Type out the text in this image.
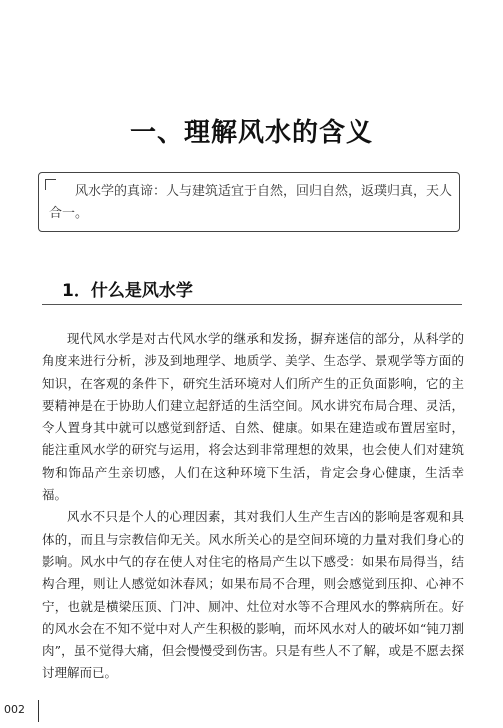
一、理解风水的含义
风水学的真谛：人与建筑适宜于自然，回归自然，返璞归真，天人合一。
1．什么是风水学

现代风水学是对古代风水学的继承和发扬，摒弃迷信的部分，从科学的角度来进行分析，涉及到地理学、地质学、美学、生态学、景观学等方面的知识，在客观的条件下，研究生活环境对人们所产生的正负面影响，它的主要精神是在于协助人们建立起舒适的生活空间。风水讲究布局合理、灵活，令人置身其中就可以感觉到舒适、自然、健康。如果在建造或布置居室时，能注重风水学的研究与运用，将会达到非常理想的效果，也会使人们对建筑物和饰品产生亲切感，人们在这种环境下生活，肯定会身心健康，生活幸福。

风水不只是个人的心理因素，其对我们人生产生吉凶的影响是客观和具体的，而且与宗教信仰无关。风水所关心的是空间环境的力量对我们身心的影响。风水中气的存在使人对住宅的格局产生以下感受：如果布局得当，结构合理，则让人感觉如沐春风；如果布局不合理，则会感觉到压抑、心神不宁，也就是横梁压顶、门冲、厕冲、灶位对水等不合理风水的弊病所在。好的风水会在不知不觉中对人产生积极的影响，而坏风水对人的破坏如“钝刀割肉”，虽不觉得大痛，但会慢慢受到伤害。只是有些人不了解，或是不愿去探讨理解而已。

002
